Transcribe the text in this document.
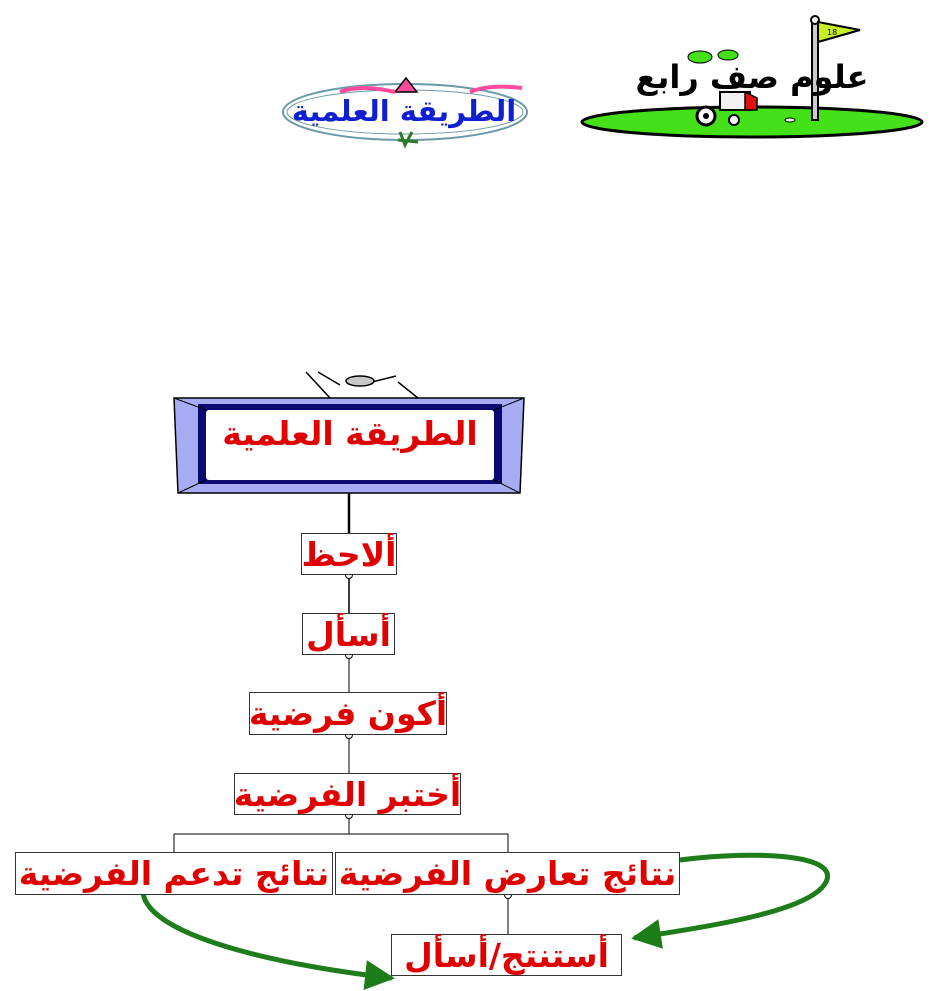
18
علوم صف رابع
الطريقة العلمية
الطريقة العلمية
ألاحظ
أسأل
أكون فرضية
أختبر الفرضية
نتائج تدعم الفرضية نتائج تعارض الفرضية
أستنتج/أسأل
